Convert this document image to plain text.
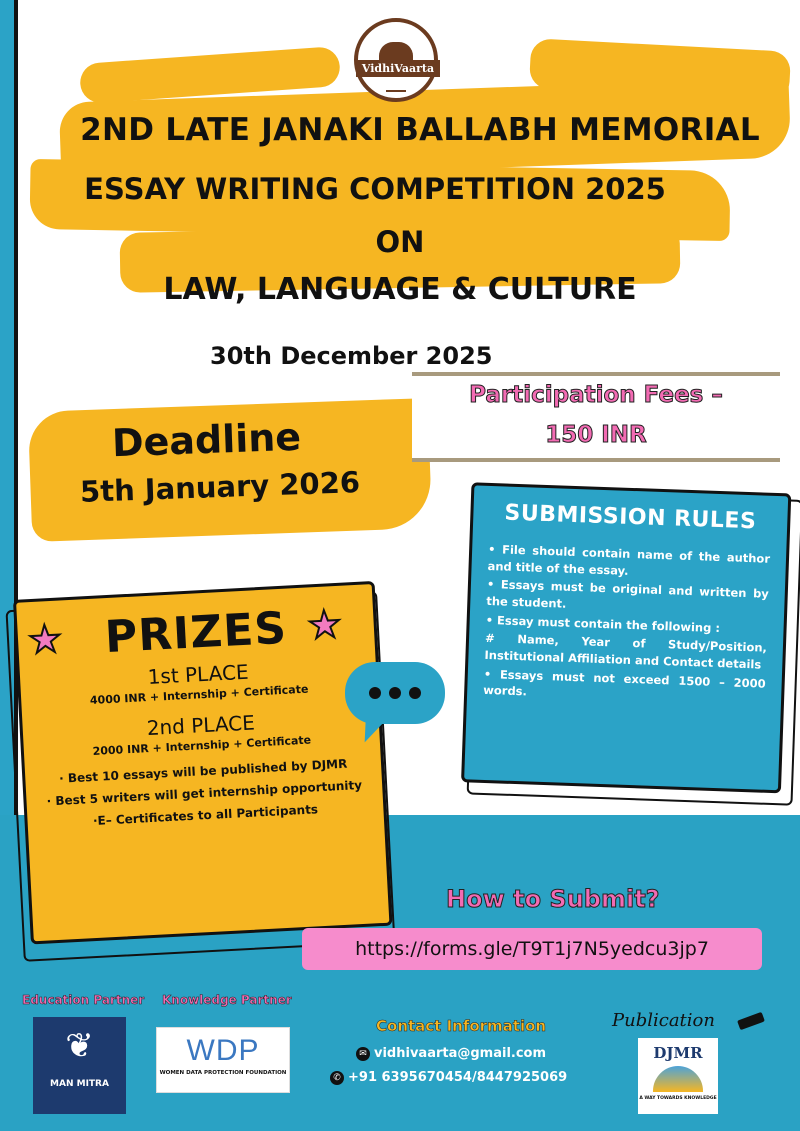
VidhiVaarta
2ND LATE JANAKI BALLABH MEMORIAL
ESSAY WRITING COMPETITION 2025
ON
LAW, LANGUAGE & CULTURE
30th December 2025
Participation Fees –
150 INR
Deadline
5th January 2026
SUBMISSION RULES
• File should contain name of the author and title of the essay.
• Essays must be original and written by the student.
• Essay must contain the following :
# Name, Year of Study/Position, Institutional Affiliation and Contact details
• Essays must not exceed 1500 – 2000 words.
★	★
PRIZES
1st PLACE
4000 INR + Internship + Certificate
2nd PLACE
2000 INR + Internship + Certificate
· Best 10 essays will be published by DJMR
· Best 5 writers will get internship opportunity
·E– Certificates to all Participants
How to Submit?
https://forms.gle/T9T1j7N5yedcu3jp7
Education Partner Knowledge Partner
❦
MAN MITRA
WDP
WOMEN DATA PROTECTION FOUNDATION
Contact Information
✉ vidhivaarta@gmail.com
✆ +91 6395670454/8447925069
Publication
DJMR
A WAY TOWARDS KNOWLEDGE
